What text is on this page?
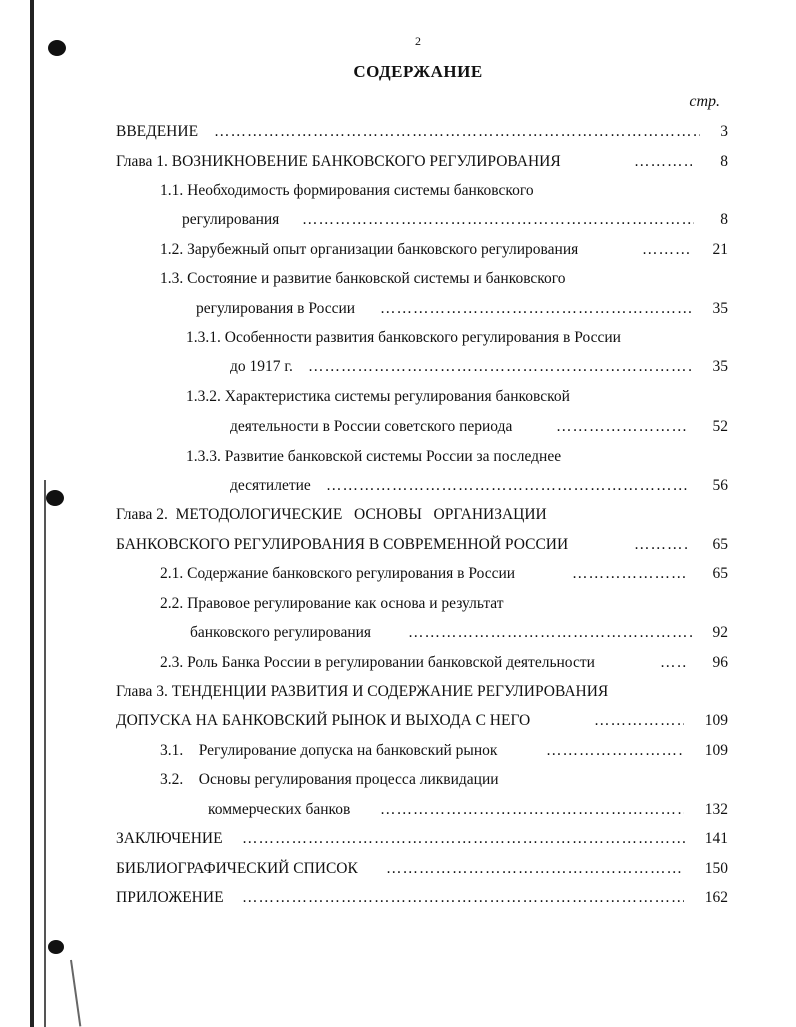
2
СОДЕРЖАНИЕ
стр.
ВВЕДЕНИЕ ……………………………………………………………………………………………………………………………………………………………………………	3
Глава 1. ВОЗНИКНОВЕНИЕ БАНКОВСКОГО РЕГУЛИРОВАНИЯ ……………………………………………………………………………………………………………………………………………………………………………	8
1.1. Необходимость формирования системы банковского
регулирования ……………………………………………………………………………………………………………………………………………………………………………	8
1.2. Зарубежный опыт организации банковского регулирования ……………………………………………………………………………………………………………………………………………………………………………	21
1.3. Состояние и развитие банковской системы и банковского
регулирования в России ……………………………………………………………………………………………………………………………………………………………………………	35
1.3.1. Особенности развития банковского регулирования в России
до 1917 г. ……………………………………………………………………………………………………………………………………………………………………………	35
1.3.2. Характеристика системы регулирования банковской
деятельности в России советского периода ……………………………………………………………………………………………………………………………………………………………………………	52
1.3.3. Развитие банковской системы России за последнее
десятилетие ……………………………………………………………………………………………………………………………………………………………………………	56
Глава 2.  МЕТОДОЛОГИЧЕСКИЕ   ОСНОВЫ   ОРГАНИЗАЦИИ
БАНКОВСКОГО РЕГУЛИРОВАНИЯ В СОВРЕМЕННОЙ РОССИИ ……………………………………………………………………………………………………………………………………………………………………………	65
2.1. Содержание банковского регулирования в России ……………………………………………………………………………………………………………………………………………………………………………	65
2.2. Правовое регулирование как основа и результат
банковского регулирования ……………………………………………………………………………………………………………………………………………………………………………	92
2.3. Роль Банка России в регулировании банковской деятельности ……………………………………………………………………………………………………………………………………………………………………………	96
Глава 3. ТЕНДЕНЦИИ РАЗВИТИЯ И СОДЕРЖАНИЕ РЕГУЛИРОВАНИЯ
ДОПУСКА НА БАНКОВСКИЙ РЫНОК И ВЫХОДА С НЕГО ……………………………………………………………………………………………………………………………………………………………………………	109
3.1.    Регулирование допуска на банковский рынок ……………………………………………………………………………………………………………………………………………………………………………	109
3.2.    Основы регулирования процесса ликвидации
коммерческих банков ……………………………………………………………………………………………………………………………………………………………………………	132
ЗАКЛЮЧЕНИЕ ……………………………………………………………………………………………………………………………………………………………………………	141
БИБЛИОГРАФИЧЕСКИЙ СПИСОК ……………………………………………………………………………………………………………………………………………………………………………	150
ПРИЛОЖЕНИЕ ……………………………………………………………………………………………………………………………………………………………………………	162
